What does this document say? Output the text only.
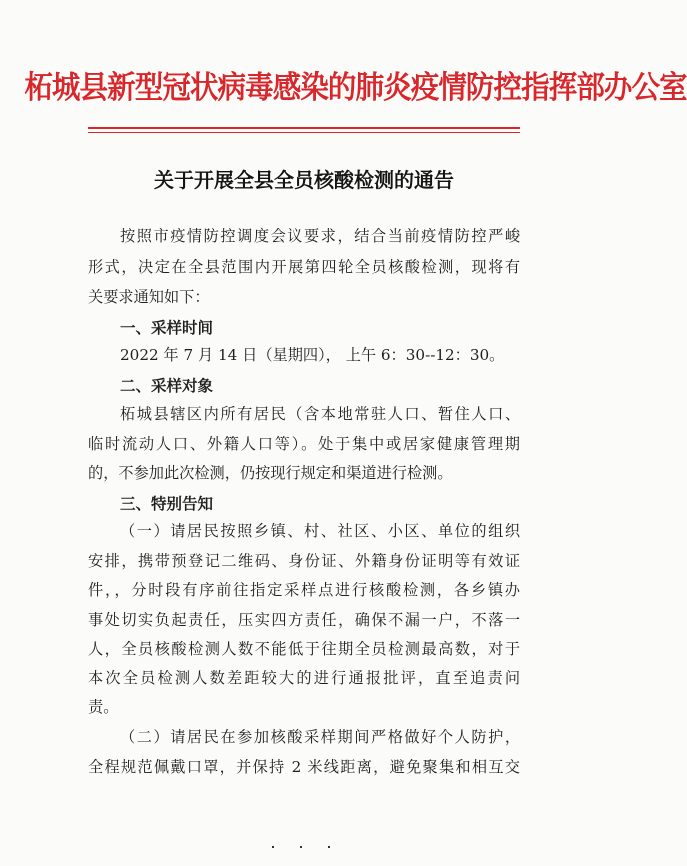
柘城县新型冠状病毒感染的肺炎疫情防控指挥部办公室
关于开展全县全员核酸检测的通告
按照市疫情防控调度会议要求，结合当前疫情防控严峻
形式，决定在全县范围内开展第四轮全员核酸检测，现将有
关要求通知如下：
一、采样时间
2022 年 7 月 14 日（星期四）， 上午 6：30--12：30。
二、采样对象
柘城县辖区内所有居民（含本地常驻人口、暂住人口、
临时流动人口、外籍人口等）。处于集中或居家健康管理期
的，不参加此次检测，仍按现行规定和渠道进行检测。
三、特别告知
（一）请居民按照乡镇、村、社区、小区、单位的组织
安排，携带预登记二维码、身份证、外籍身份证明等有效证
件，，分时段有序前往指定采样点进行核酸检测，各乡镇办
事处切实负起责任，压实四方责任，确保不漏一户，不落一
人，全员核酸检测人数不能低于往期全员检测最高数，对于
本次全员检测人数差距较大的进行通报批评，直至追责问
责。
（二）请居民在参加核酸采样期间严格做好个人防护，
全程规范佩戴口罩，并保持 2 米线距离，避免聚集和相互交
